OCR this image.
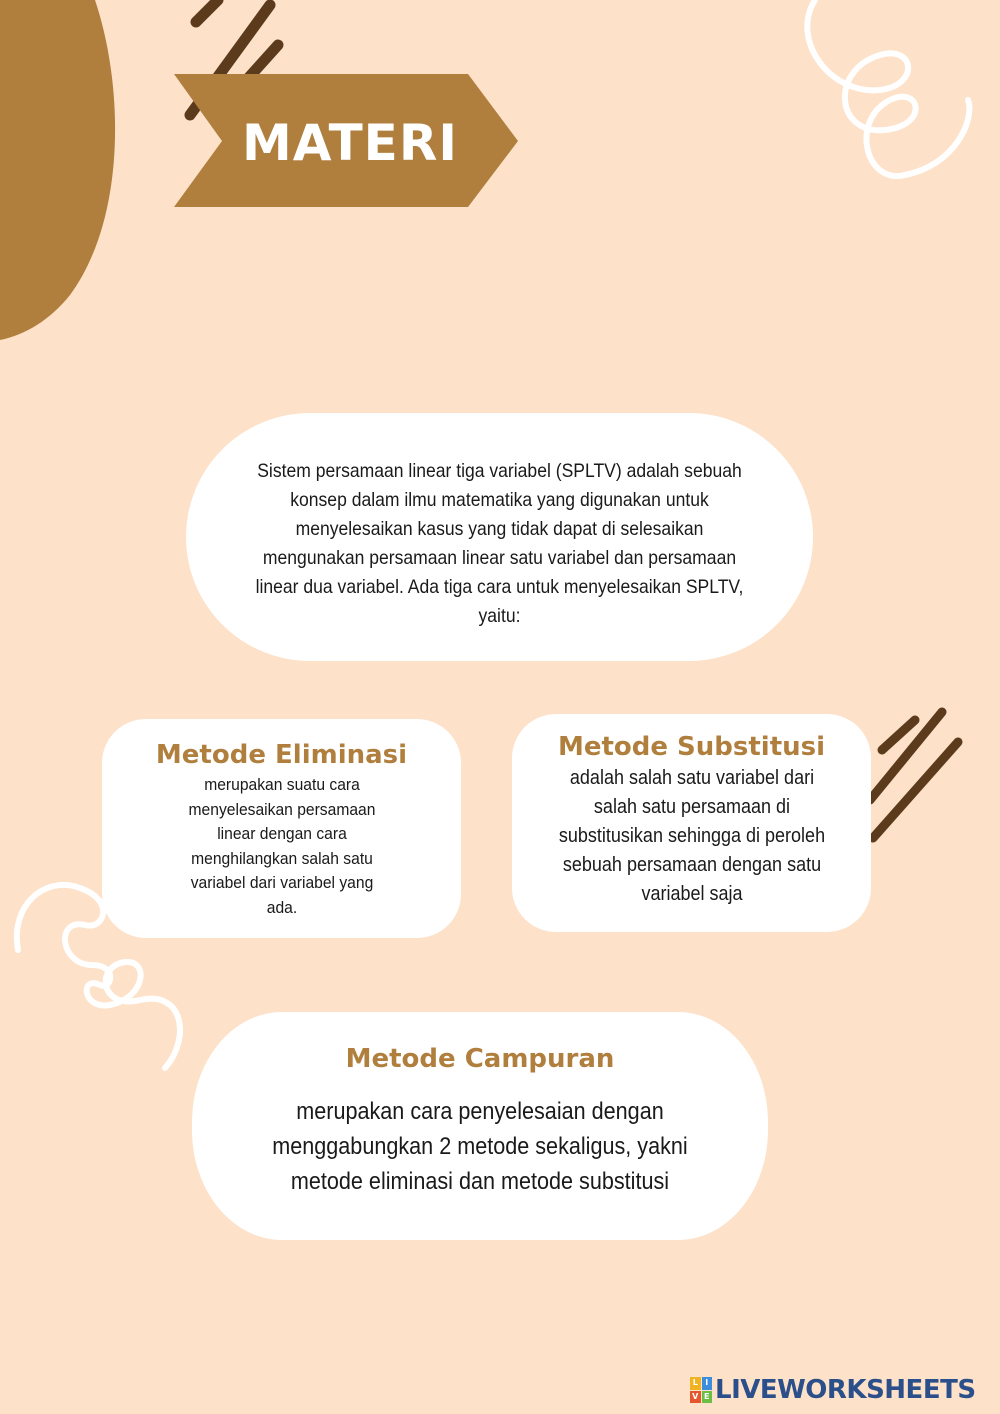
MATERI
Sistem persamaan linear tiga variabel (SPLTV) adalah sebuah konsep dalam ilmu matematika yang digunakan untuk menyelesaikan kasus yang tidak dapat di selesaikan mengunakan persamaan linear satu variabel dan persamaan linear dua variabel. Ada tiga cara untuk menyelesaikan SPLTV, yaitu:
Metode Eliminasi
merupakan suatu cara menyelesaikan persamaan linear dengan cara menghilangkan salah satu variabel dari variabel yang ada.
Metode Substitusi
adalah salah satu variabel dari salah satu persamaan di substitusikan sehingga di peroleh sebuah persamaan dengan satu variabel saja
Metode Campuran
merupakan cara penyelesaian dengan menggabungkan 2 metode sekaligus, yakni metode eliminasi dan metode substitusi
L I
V E LIVEWORKSHEETS
